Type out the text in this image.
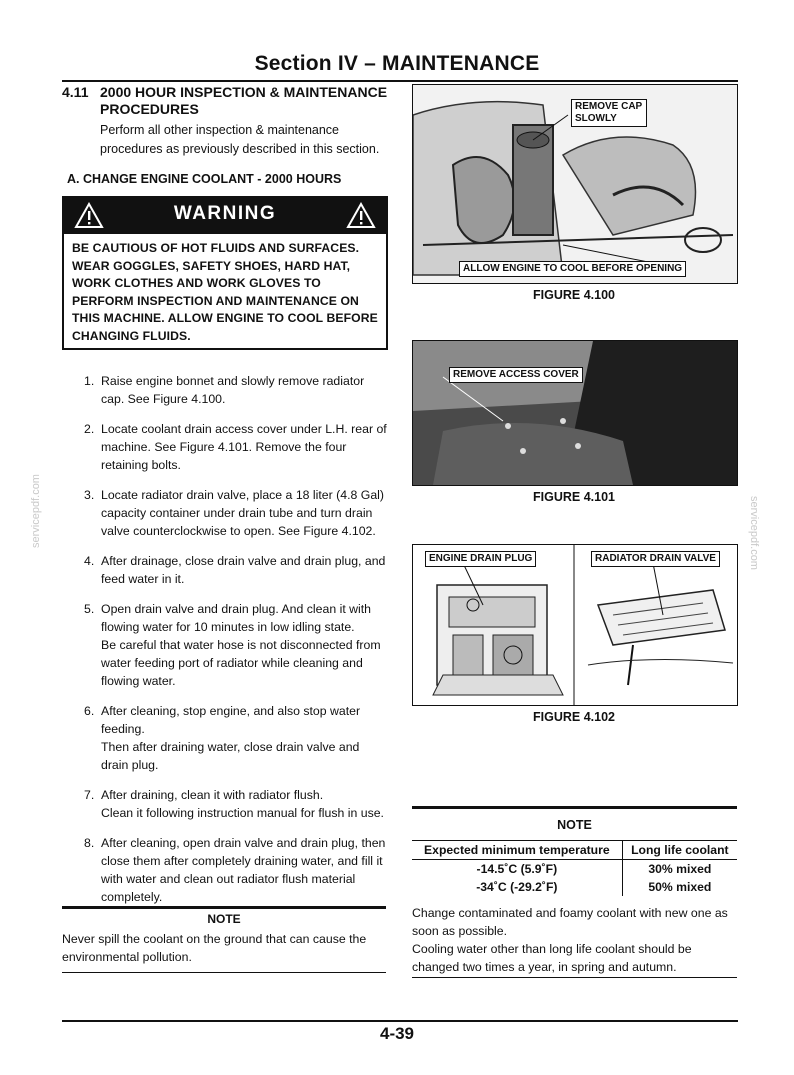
Section IV – MAINTENANCE
4.11 2000 HOUR INSPECTION & MAINTENANCE
PROCEDURES
Perform all other inspection & maintenance procedures as previously described in this section.
A. CHANGE ENGINE COOLANT - 2000 HOURS
WARNING
BE CAUTIOUS OF HOT FLUIDS AND SURFACES. WEAR GOGGLES, SAFETY SHOES, HARD HAT, WORK CLOTHES AND WORK GLOVES TO PERFORM INSPECTION AND MAINTENANCE ON THIS MACHINE. ALLOW ENGINE TO COOL BEFORE CHANGING FLUIDS.
1. Raise engine bonnet and slowly remove radiator cap. See Figure 4.100.
2. Locate coolant drain access cover under L.H. rear of machine. See Figure 4.101. Remove the four retaining bolts.
3. Locate radiator drain valve, place a 18 liter (4.8 Gal) capacity container under drain tube and turn drain valve counterclockwise to open. See Figure 4.102.
4. After drainage, close drain valve and drain plug, and feed water in it.
5. Open drain valve and drain plug. And clean it with flowing water for 10 minutes in low idling state.
Be careful that water hose is not disconnected from water feeding port of radiator while cleaning and flowing water.
6. After cleaning, stop engine, and also stop water feeding.
Then after draining water, close drain valve and drain plug.
7. After draining, clean it with radiator flush.
Clean it following instruction manual for flush in use.
8. After cleaning, open drain valve and drain plug, then close them after completely draining water, and fill it with water and clean out radiator flush material completely.
NOTE
Never spill the coolant on the ground that can cause the environmental pollution.
REMOVE CAP SLOWLY
ALLOW ENGINE TO COOL BEFORE OPENING
FIGURE 4.100
REMOVE ACCESS COVER
FIGURE 4.101
ENGINE DRAIN PLUG	RADIATOR DRAIN VALVE
FIGURE 4.102
NOTE
Expected minimum temperature	Long life coolant
-14.5˚C (5.9˚F)	30% mixed
-34˚C (-29.2˚F)	50% mixed
Change contaminated and foamy coolant with new one as soon as possible.
Cooling water other than long life coolant should be changed two times a year, in spring and autumn.
4-39
servicepdf.com	servicepdf.com
